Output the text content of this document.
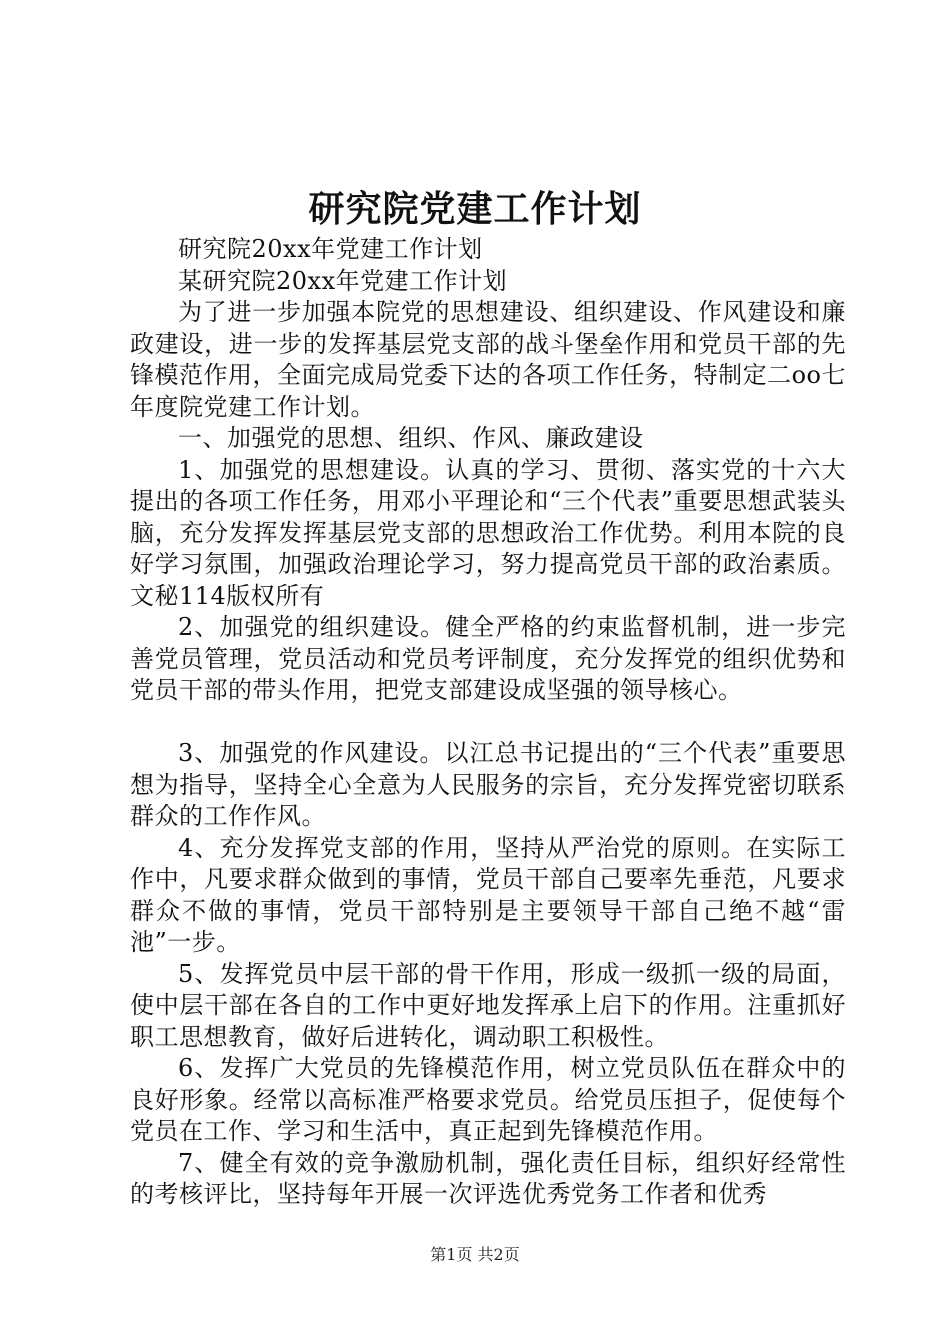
研究院党建工作计划

研究院20xx年党建工作计划

某研究院20xx年党建工作计划

为了进一步加强本院党的思想建设、组织建设、作风建设和廉政建设，进一步的发挥基层党支部的战斗堡垒作用和党员干部的先锋模范作用，全面完成局党委下达的各项工作任务，特制定二oo七年度院党建工作计划。

一、加强党的思想、组织、作风、廉政建设

1、加强党的思想建设。认真的学习、贯彻、落实党的十六大提出的各项工作任务，用邓小平理论和“三个代表”重要思想武装头脑，充分发挥发挥基层党支部的思想政治工作优势。利用本院的良好学习氛围，加强政治理论学习，努力提高党员干部的政治素质。文秘114版权所有

2、加强党的组织建设。健全严格的约束监督机制，进一步完善党员管理，党员活动和党员考评制度，充分发挥党的组织优势和党员干部的带头作用，把党支部建设成坚强的领导核心。

3、加强党的作风建设。以江总书记提出的“三个代表”重要思想为指导，坚持全心全意为人民服务的宗旨，充分发挥党密切联系群众的工作作风。

4、充分发挥党支部的作用，坚持从严治党的原则。在实际工作中，凡要求群众做到的事情，党员干部自己要率先垂范，凡要求群众不做的事情，党员干部特别是主要领导干部自己绝不越“雷池”一步。

5、发挥党员中层干部的骨干作用，形成一级抓一级的局面，使中层干部在各自的工作中更好地发挥承上启下的作用。注重抓好职工思想教育，做好后进转化，调动职工积极性。

6、发挥广大党员的先锋模范作用，树立党员队伍在群众中的良好形象。经常以高标准严格要求党员。给党员压担子，促使每个党员在工作、学习和生活中，真正起到先锋模范作用。

7、健全有效的竞争激励机制，强化责任目标，组织好经常性的考核评比，坚持每年开展一次评选优秀党务工作者和优秀

第1页 共2页
